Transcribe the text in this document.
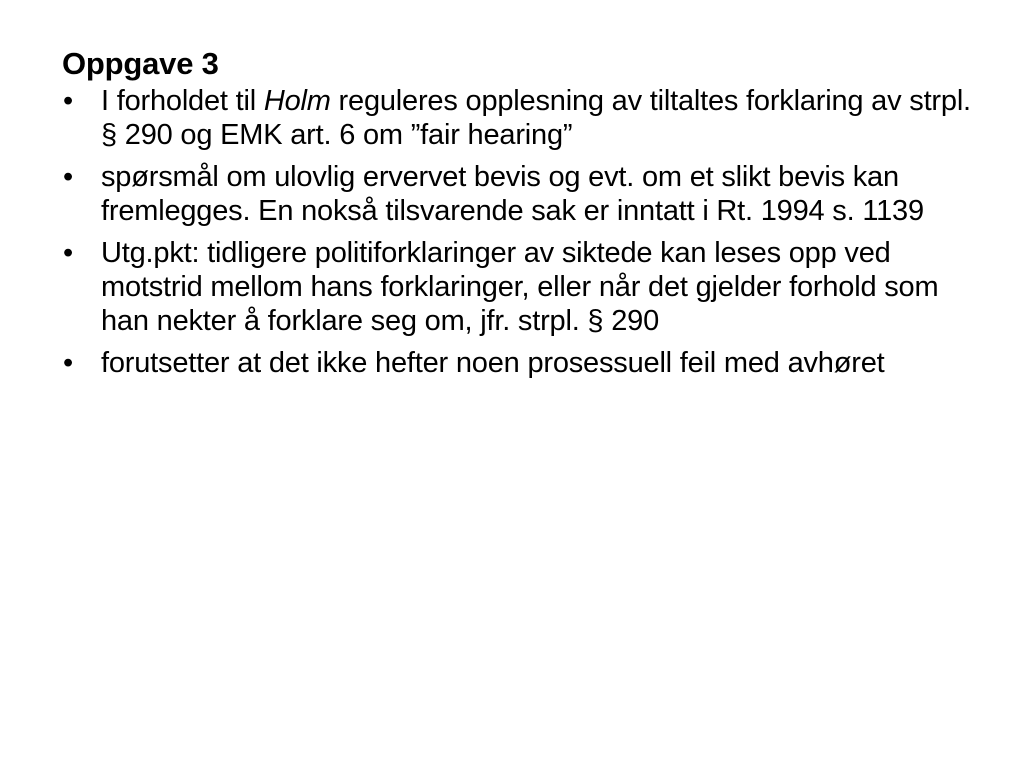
Oppgave 3
• I forholdet til Holm reguleres opplesning av tiltaltes forklaring av strpl. § 290 og EMK art. 6 om ”fair hearing”
• spørsmål om ulovlig ervervet bevis og evt. om et slikt bevis kan fremlegges. En nokså tilsvarende sak er inntatt i Rt. 1994 s. 1139
• Utg.pkt: tidligere politiforklaringer av siktede kan leses opp ved motstrid mellom hans forklaringer, eller når det gjelder forhold som han nekter å forklare seg om, jfr. strpl. § 290
• forutsetter at det ikke hefter noen prosessuell feil med avhøret
